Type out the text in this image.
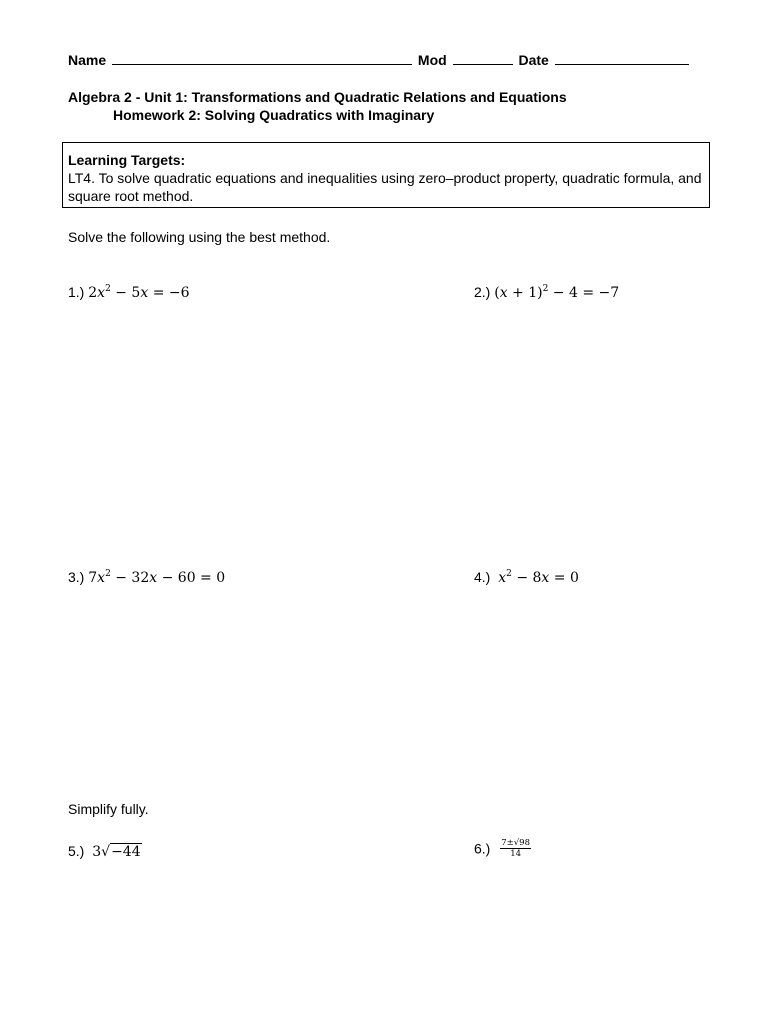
Name	Mod	Date
Algebra 2 - Unit 1: Transformations and Quadratic Relations and Equations
Homework 2: Solving Quadratics with Imaginary
Learning Targets:
LT4. To solve quadratic equations and inequalities using zero–product property, quadratic formula, and square root method.
Solve the following using the best method.
1.) $2x^2 - 5x = -6$	2.) $(x + 1)^2 - 4 = -7$
3.) $7x^2 - 32x - 60 = 0$	4.) $x^2 - 8x = 0$
Simplify fully.
5.) 3√−44	$6.) \frac{7\pm√98}{14}$
